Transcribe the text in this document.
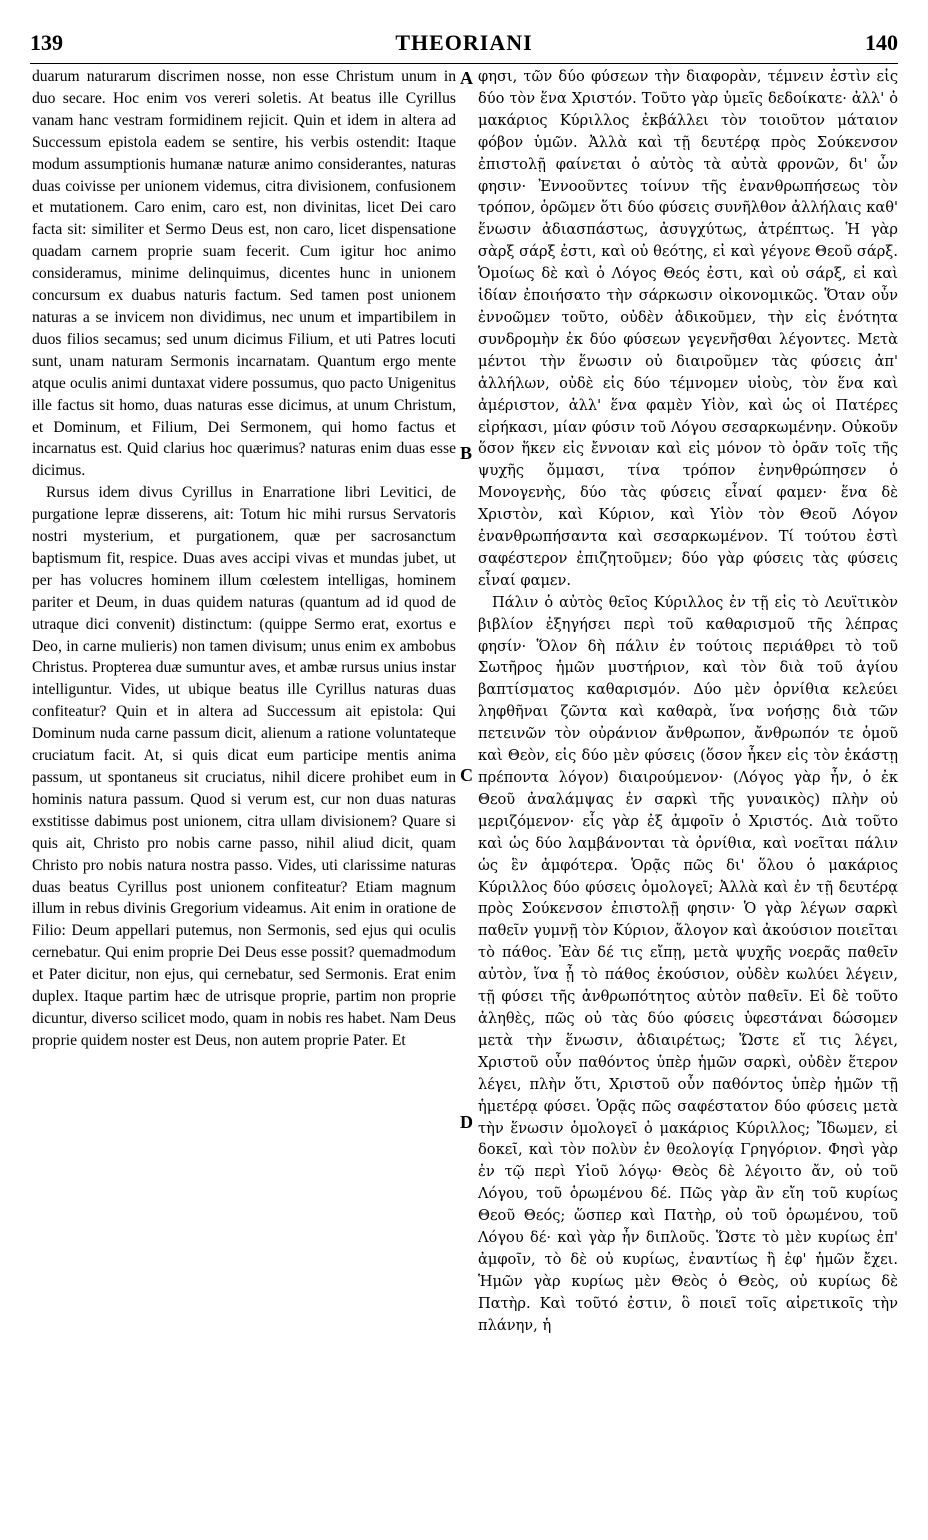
139	THEORIANI	140

duarum naturarum discrimen nosse, non esse Christum unum in duo secare. Hoc enim vos vereri soletis. At beatus ille Cyrillus vanam hanc vestram formidinem rejicit. Quin et idem in altera ad Successum epistola eadem se sentire, his verbis ostendit: Itaque modum assumptionis humanæ naturæ animo considerantes, naturas duas coivisse per unionem videmus, citra divisionem, confusionem et mutationem. Caro enim, caro est, non divinitas, licet Dei caro facta sit: similiter et Sermo Deus est, non caro, licet dispensatione quadam carnem proprie suam fecerit. Cum igitur hoc animo consideramus, minime delinquimus, dicentes hunc in unionem concursum ex duabus naturis factum. Sed tamen post unionem naturas a se invicem non dividimus, nec unum et impartibilem in duos filios secamus; sed unum dicimus Filium, et uti Patres locuti sunt, unam naturam Sermonis incarnatam. Quantum ergo mente atque oculis animi duntaxat videre possumus, quo pacto Unigenitus ille factus sit homo, duas naturas esse dicimus, at unum Christum, et Dominum, et Filium, Dei Sermonem, qui homo factus et incarnatus est. Quid clarius hoc quærimus? naturas enim duas esse dicimus.

Rursus idem divus Cyrillus in Enarratione libri Levitici, de purgatione lepræ disserens, ait: Totum hic mihi rursus Servatoris nostri mysterium, et purgationem, quæ per sacrosanctum baptismum fit, respice. Duas aves accipi vivas et mundas jubet, ut per has volucres hominem illum cœlestem intelligas, hominem pariter et Deum, in duas quidem naturas (quantum ad id quod de utraque dici convenit) distinctum: (quippe Sermo erat, exortus e Deo, in carne mulieris) non tamen divisum; unus enim ex ambobus Christus. Propterea duæ sumuntur aves, et ambæ rursus unius instar intelliguntur. Vides, ut ubique beatus ille Cyrillus naturas duas confiteatur? Quin et in altera ad Successum ait epistola: Qui Dominum nuda carne passum dicit, alienum a ratione voluntateque cruciatum facit. At, si quis dicat eum participe mentis anima passum, ut spontaneus sit cruciatus, nihil dicere prohibet eum in hominis natura passum. Quod si verum est, cur non duas naturas exstitisse dabimus post unionem, citra ullam divisionem? Quare si quis ait, Christo pro nobis carne passo, nihil aliud dicit, quam Christo pro nobis natura nostra passo. Vides, uti clarissime naturas duas beatus Cyrillus post unionem confiteatur? Etiam magnum illum in rebus divinis Gregorium videamus. Ait enim in oratione de Filio: Deum appellari putemus, non Sermonis, sed ejus qui oculis cernebatur. Qui enim proprie Dei Deus esse possit? quemadmodum et Pater dicitur, non ejus, qui cernebatur, sed Sermonis. Erat enim duplex. Itaque partim hæc de utrisque proprie, partim non proprie dicuntur, diverso scilicet modo, quam in nobis res habet. Nam Deus proprie quidem noster est Deus, non autem proprie Pater. Et

A
B
C
D

φησι, τῶν δύο φύσεων τὴν διαφορὰν, τέμνειν ἐστὶν εἰς δύο τὸν ἕνα Χριστόν. Τοῦτο γὰρ ὑμεῖς δεδοίκατε· ἀλλ' ὁ μακάριος Κύριλλος ἐκβάλλει τὸν τοιοῦτον μάταιον φόβον ὑμῶν. Ἀλλὰ καὶ τῇ δευτέρᾳ πρὸς Σούκενσον ἐπιστολῇ φαίνεται ὁ αὐτὸς τὰ αὐτὰ φρονῶν, δι' ὧν φησιν· Ἐννοοῦντες τοίνυν τῆς ἐνανθρωπήσεως τὸν τρόπον, ὁρῶμεν ὅτι δύο φύσεις συνῆλθον ἀλλήλαις καθ' ἕνωσιν ἀδιασπάστως, ἀσυγχύτως, ἀτρέπτως. Ἡ γὰρ σὰρξ σάρξ ἐστι, καὶ οὐ θεότης, εἰ καὶ γέγονε Θεοῦ σάρξ. Ὁμοίως δὲ καὶ ὁ Λόγος Θεός ἐστι, καὶ οὐ σάρξ, εἰ καὶ ἰδίαν ἐποιήσατο τὴν σάρκωσιν οἰκονομικῶς. Ὅταν οὖν ἐννοῶμεν τοῦτο, οὐδὲν ἀδικοῦμεν, τὴν εἰς ἑνότητα συνδρομὴν ἐκ δύο φύσεων γεγενῆσθαι λέγοντες. Μετὰ μέντοι τὴν ἕνωσιν οὐ διαιροῦμεν τὰς φύσεις ἀπ' ἀλλήλων, οὐδὲ εἰς δύο τέμνομεν υἱοὺς, τὸν ἕνα καὶ ἀμέριστον, ἀλλ' ἕνα φαμὲν Υἱὸν, καὶ ὡς οἱ Πατέρες εἰρήκασι, μίαν φύσιν τοῦ Λόγου σεσαρκωμένην. Οὐκοῦν ὅσον ἥκεν εἰς ἔννοιαν καὶ εἰς μόνον τὸ ὁρᾶν τοῖς τῆς ψυχῆς ὄμμασι, τίνα τρόπον ἐνηνθρώπησεν ὁ Μονογενὴς, δύο τὰς φύσεις εἶναί φαμεν· ἕνα δὲ Χριστὸν, καὶ Κύριον, καὶ Υἱὸν τὸν Θεοῦ Λόγον ἐνανθρωπήσαντα καὶ σεσαρκωμένον. Τί τούτου ἐστὶ σαφέστερον ἐπιζητοῦμεν; δύο γὰρ φύσεις τὰς φύσεις εἶναί φαμεν.

Πάλιν ὁ αὐτὸς θεῖος Κύριλλος ἐν τῇ εἰς τὸ Λευϊτικὸν βιβλίον ἐξηγήσει περὶ τοῦ καθαρισμοῦ τῆς λέπρας φησίν· Ὅλον δὴ πάλιν ἐν τούτοις περιάθρει τὸ τοῦ Σωτῆρος ἡμῶν μυστήριον, καὶ τὸν διὰ τοῦ ἁγίου βαπτίσματος καθαρισμόν. Δύο μὲν ὀρνίθια κελεύει ληφθῆναι ζῶντα καὶ καθαρὰ, ἵνα νοήσῃς διὰ τῶν πετεινῶν τὸν οὐράνιον ἄνθρωπον, ἄνθρωπόν τε ὁμοῦ καὶ Θεὸν, εἰς δύο μὲν φύσεις (ὅσον ἧκεν εἰς τὸν ἑκάστῃ πρέποντα λόγον) διαιρούμενον· (Λόγος γὰρ ἦν, ὁ ἐκ Θεοῦ ἀναλάμψας ἐν σαρκὶ τῆς γυναικὸς) πλὴν οὐ μεριζόμενον· εἷς γὰρ ἐξ ἀμφοῖν ὁ Χριστός. Διὰ τοῦτο καὶ ὡς δύο λαμβάνονται τὰ ὀρνίθια, καὶ νοεῖται πάλιν ὡς ἓν ἀμφότερα. Ὁρᾷς πῶς δι' ὅλου ὁ μακάριος Κύριλλος δύο φύσεις ὁμολογεῖ; Ἀλλὰ καὶ ἐν τῇ δευτέρᾳ πρὸς Σούκενσον ἐπιστολῇ φησιν· Ὁ γὰρ λέγων σαρκὶ παθεῖν γυμνῇ τὸν Κύριον, ἄλογον καὶ ἀκούσιον ποιεῖται τὸ πάθος. Ἐὰν δέ τις εἴπῃ, μετὰ ψυχῆς νοερᾶς παθεῖν αὐτὸν, ἵνα ᾖ τὸ πάθος ἑκούσιον, οὐδὲν κωλύει λέγειν, τῇ φύσει τῆς ἀνθρωπότητος αὐτὸν παθεῖν. Εἰ δὲ τοῦτο ἀληθὲς, πῶς οὐ τὰς δύο φύσεις ὑφεστάναι δώσομεν μετὰ τὴν ἕνωσιν, ἀδιαιρέτως; Ὥστε εἴ τις λέγει, Χριστοῦ οὖν παθόντος ὑπὲρ ἡμῶν σαρκὶ, οὐδὲν ἕτερον λέγει, πλὴν ὅτι, Χριστοῦ οὖν παθόντος ὑπὲρ ἡμῶν τῇ ἡμετέρᾳ φύσει. Ὁρᾷς πῶς σαφέστατον δύο φύσεις μετὰ τὴν ἕνωσιν ὁμολογεῖ ὁ μακάριος Κύριλλος; Ἴδωμεν, εἰ δοκεῖ, καὶ τὸν πολὺν ἐν θεολογίᾳ Γρηγόριον. Φησὶ γὰρ ἐν τῷ περὶ Υἱοῦ λόγῳ· Θεὸς δὲ λέγοιτο ἄν, οὐ τοῦ Λόγου, τοῦ ὁρωμένου δέ. Πῶς γὰρ ἂν εἴη τοῦ κυρίως Θεοῦ Θεός; ὥσπερ καὶ Πατὴρ, οὐ τοῦ ὁρωμένου, τοῦ Λόγου δέ· καὶ γὰρ ἦν διπλοῦς. Ὥστε τὸ μὲν κυρίως ἐπ' ἀμφοῖν, τὸ δὲ οὐ κυρίως, ἐναντίως ἢ ἐφ' ἡμῶν ἔχει. Ἡμῶν γὰρ κυρίως μὲν Θεὸς ὁ Θεὸς, οὐ κυρίως δὲ Πατὴρ. Καὶ τοῦτό ἐστιν, ὃ ποιεῖ τοῖς αἱρετικοῖς τὴν πλάνην, ἡ
